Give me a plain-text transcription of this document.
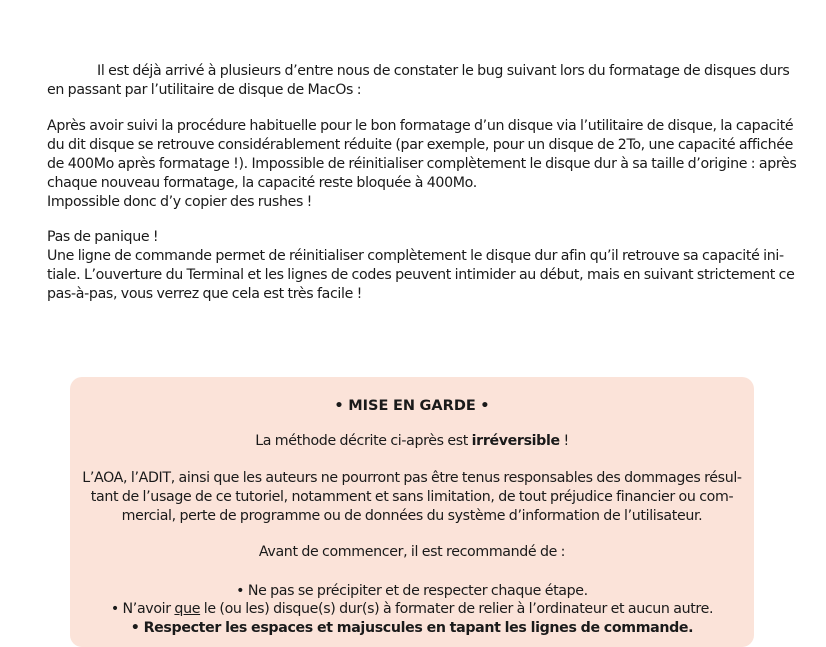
Il est déjà arrivé à plusieurs d’entre nous de constater le bug suivant lors du formatage de disques durs
en passant par l’utilitaire de disque de MacOs :

Après avoir suivi la procédure habituelle pour le bon formatage d’un disque via l’utilitaire de disque, la capacité
du dit disque se retrouve considérablement réduite (par exemple, pour un disque de 2To, une capacité affichée
de 400Mo après formatage !). Impossible de réinitialiser complètement le disque dur à sa taille d’origine : après
chaque nouveau formatage, la capacité reste bloquée à 400Mo.
Impossible donc d’y copier des rushes !

Pas de panique !
Une ligne de commande permet de réinitialiser complètement le disque dur afin qu’il retrouve sa capacité ini-
tiale. L’ouverture du Terminal et les lignes de codes peuvent intimider au début, mais en suivant strictement ce
pas-à-pas, vous verrez que cela est très facile !

• MISE EN GARDE •
La méthode décrite ci-après est irréversible !
L’AOA, l’ADIT, ainsi que les auteurs ne pourront pas être tenus responsables des dommages résul-
tant de l’usage de ce tutoriel, notamment et sans limitation, de tout préjudice financier ou com-
mercial, perte de programme ou de données du système d’information de l’utilisateur.
Avant de commencer, il est recommandé de :
• Ne pas se précipiter et de respecter chaque étape.
• N’avoir que le (ou les) disque(s) dur(s) à formater de relier à l’ordinateur et aucun autre.
• Respecter les espaces et majuscules en tapant les lignes de commande.
